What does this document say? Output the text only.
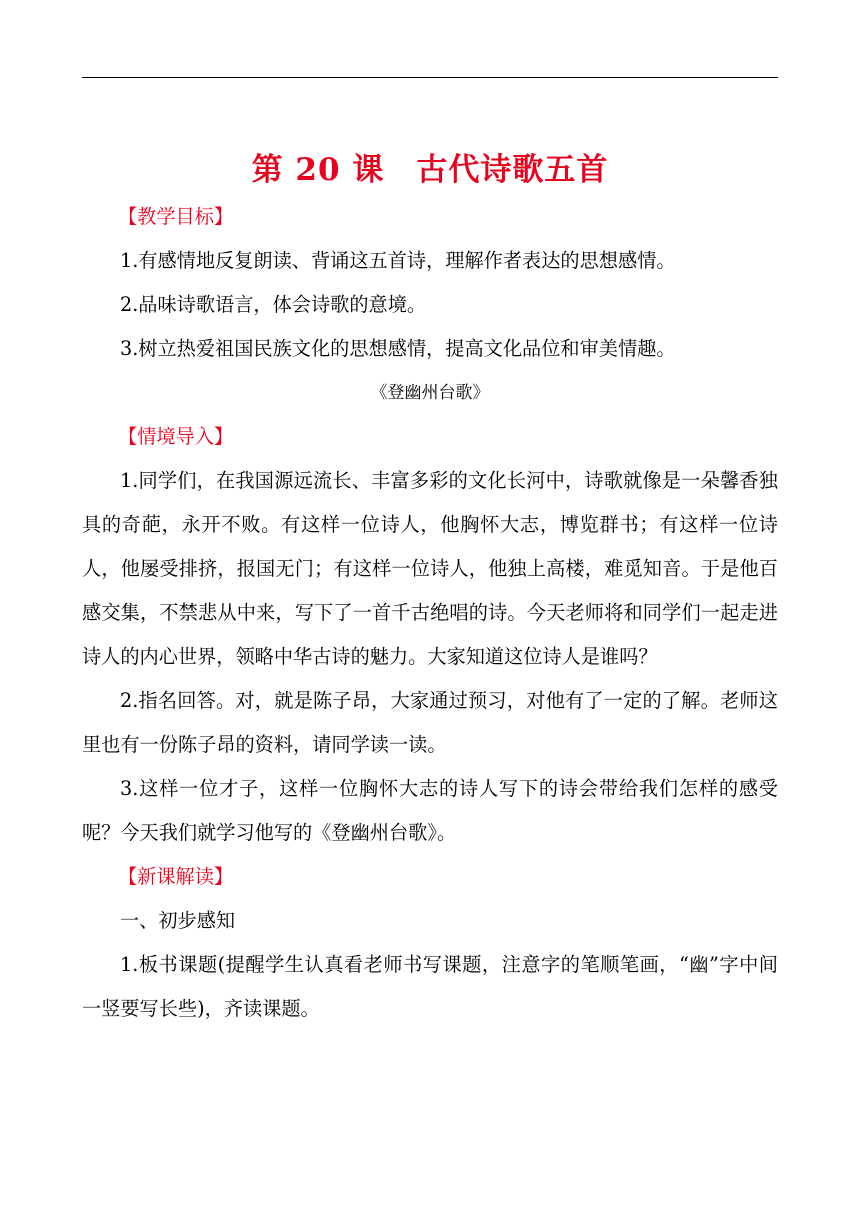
第 20 课　古代诗歌五首
【教学目标】
1.有感情地反复朗读、背诵这五首诗，理解作者表达的思想感情。
2.品味诗歌语言，体会诗歌的意境。
3.树立热爱祖国民族文化的思想感情，提高文化品位和审美情趣。
《登幽州台歌》
【情境导入】

1.同学们，在我国源远流长、丰富多彩的文化长河中，诗歌就像是一朵馨香独具的奇葩，永开不败。有这样一位诗人，他胸怀大志，博览群书；有这样一位诗人，他屡受排挤，报国无门；有这样一位诗人，他独上高楼，难觅知音。于是他百感交集，不禁悲从中来，写下了一首千古绝唱的诗。今天老师将和同学们一起走进诗人的内心世界，领略中华古诗的魅力。大家知道这位诗人是谁吗？

2.指名回答。对，就是陈子昂，大家通过预习，对他有了一定的了解。老师这里也有一份陈子昂的资料，请同学读一读。

3.这样一位才子，这样一位胸怀大志的诗人写下的诗会带给我们怎样的感受呢？今天我们就学习他写的《登幽州台歌》。

【新课解读】
一、初步感知

1.板书课题(提醒学生认真看老师书写课题，注意字的笔顺笔画，“幽”字中间一竖要写长些)，齐读课题。
